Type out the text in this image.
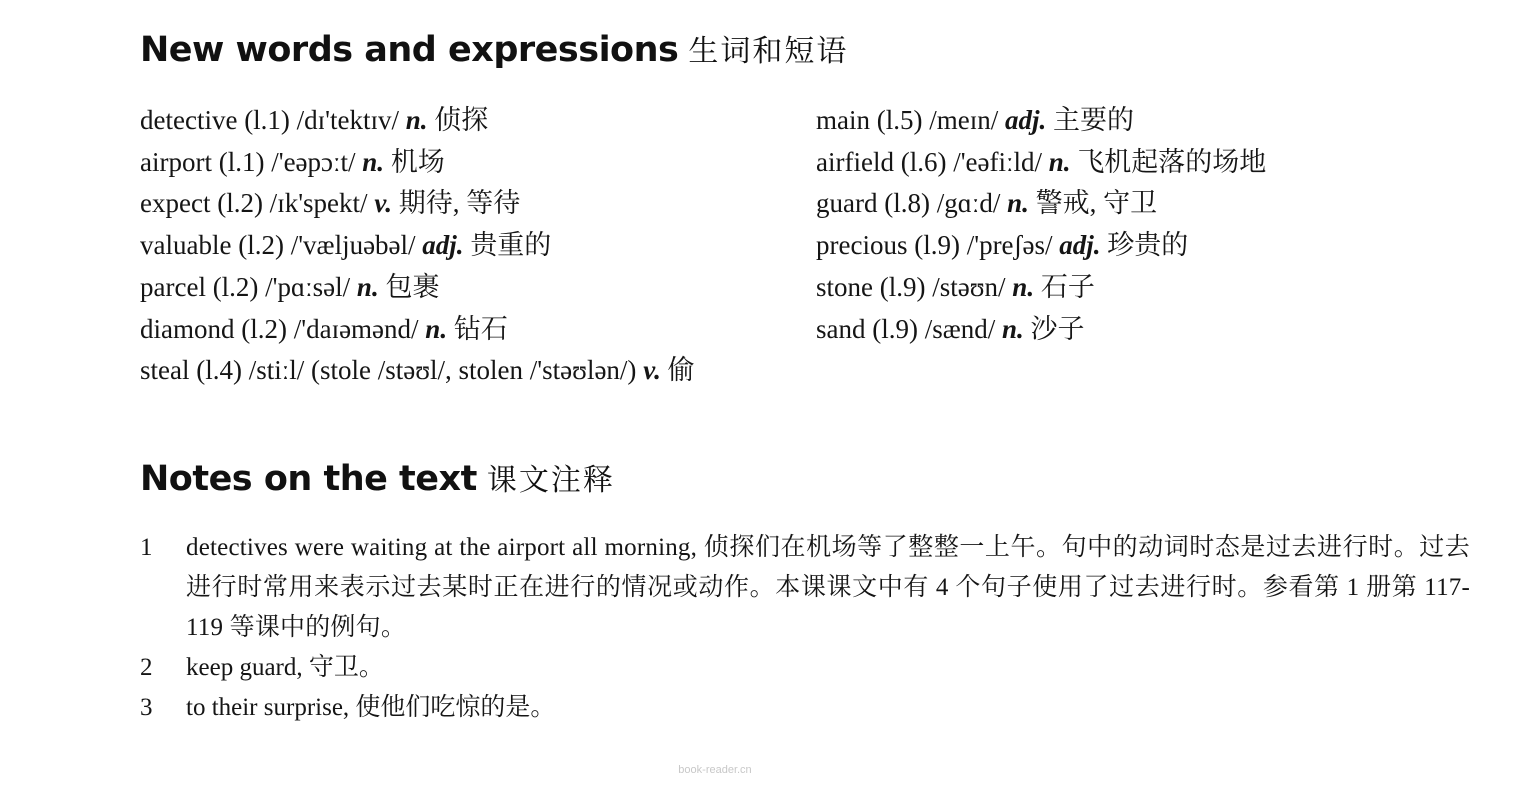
New words and expressions 生词和短语
detective (l.1) /dɪ'tektɪv/ n. 侦探
airport (l.1) /'eəpɔːt/ n. 机场
expect (l.2) /ɪk'spekt/ v. 期待, 等待
valuable (l.2) /'væljuəbəl/ adj. 贵重的
parcel (l.2) /'pɑːsəl/ n. 包裹
diamond (l.2) /'daɪəmənd/ n. 钻石
steal (l.4) /stiːl/ (stole /stəʊl/, stolen /'stəʊlən/) v. 偷
main (l.5) /meɪn/ adj. 主要的
airfield (l.6) /'eəfiːld/ n. 飞机起落的场地
guard (l.8) /gɑːd/ n. 警戒, 守卫
precious (l.9) /'preʃəs/ adj. 珍贵的
stone (l.9) /stəʊn/ n. 石子
sand (l.9) /sænd/ n. 沙子
Notes on the text 课文注释
1	detectives were waiting at the airport all morning, 侦探们在机场等了整整一上午。句中的动词时态是过去进行时。过去进行时常用来表示过去某时正在进行的情况或动作。本课课文中有 4 个句子使用了过去进行时。参看第 1 册第 117-119 等课中的例句。
2	keep guard, 守卫。
3	to their surprise, 使他们吃惊的是。
book-reader.cn
